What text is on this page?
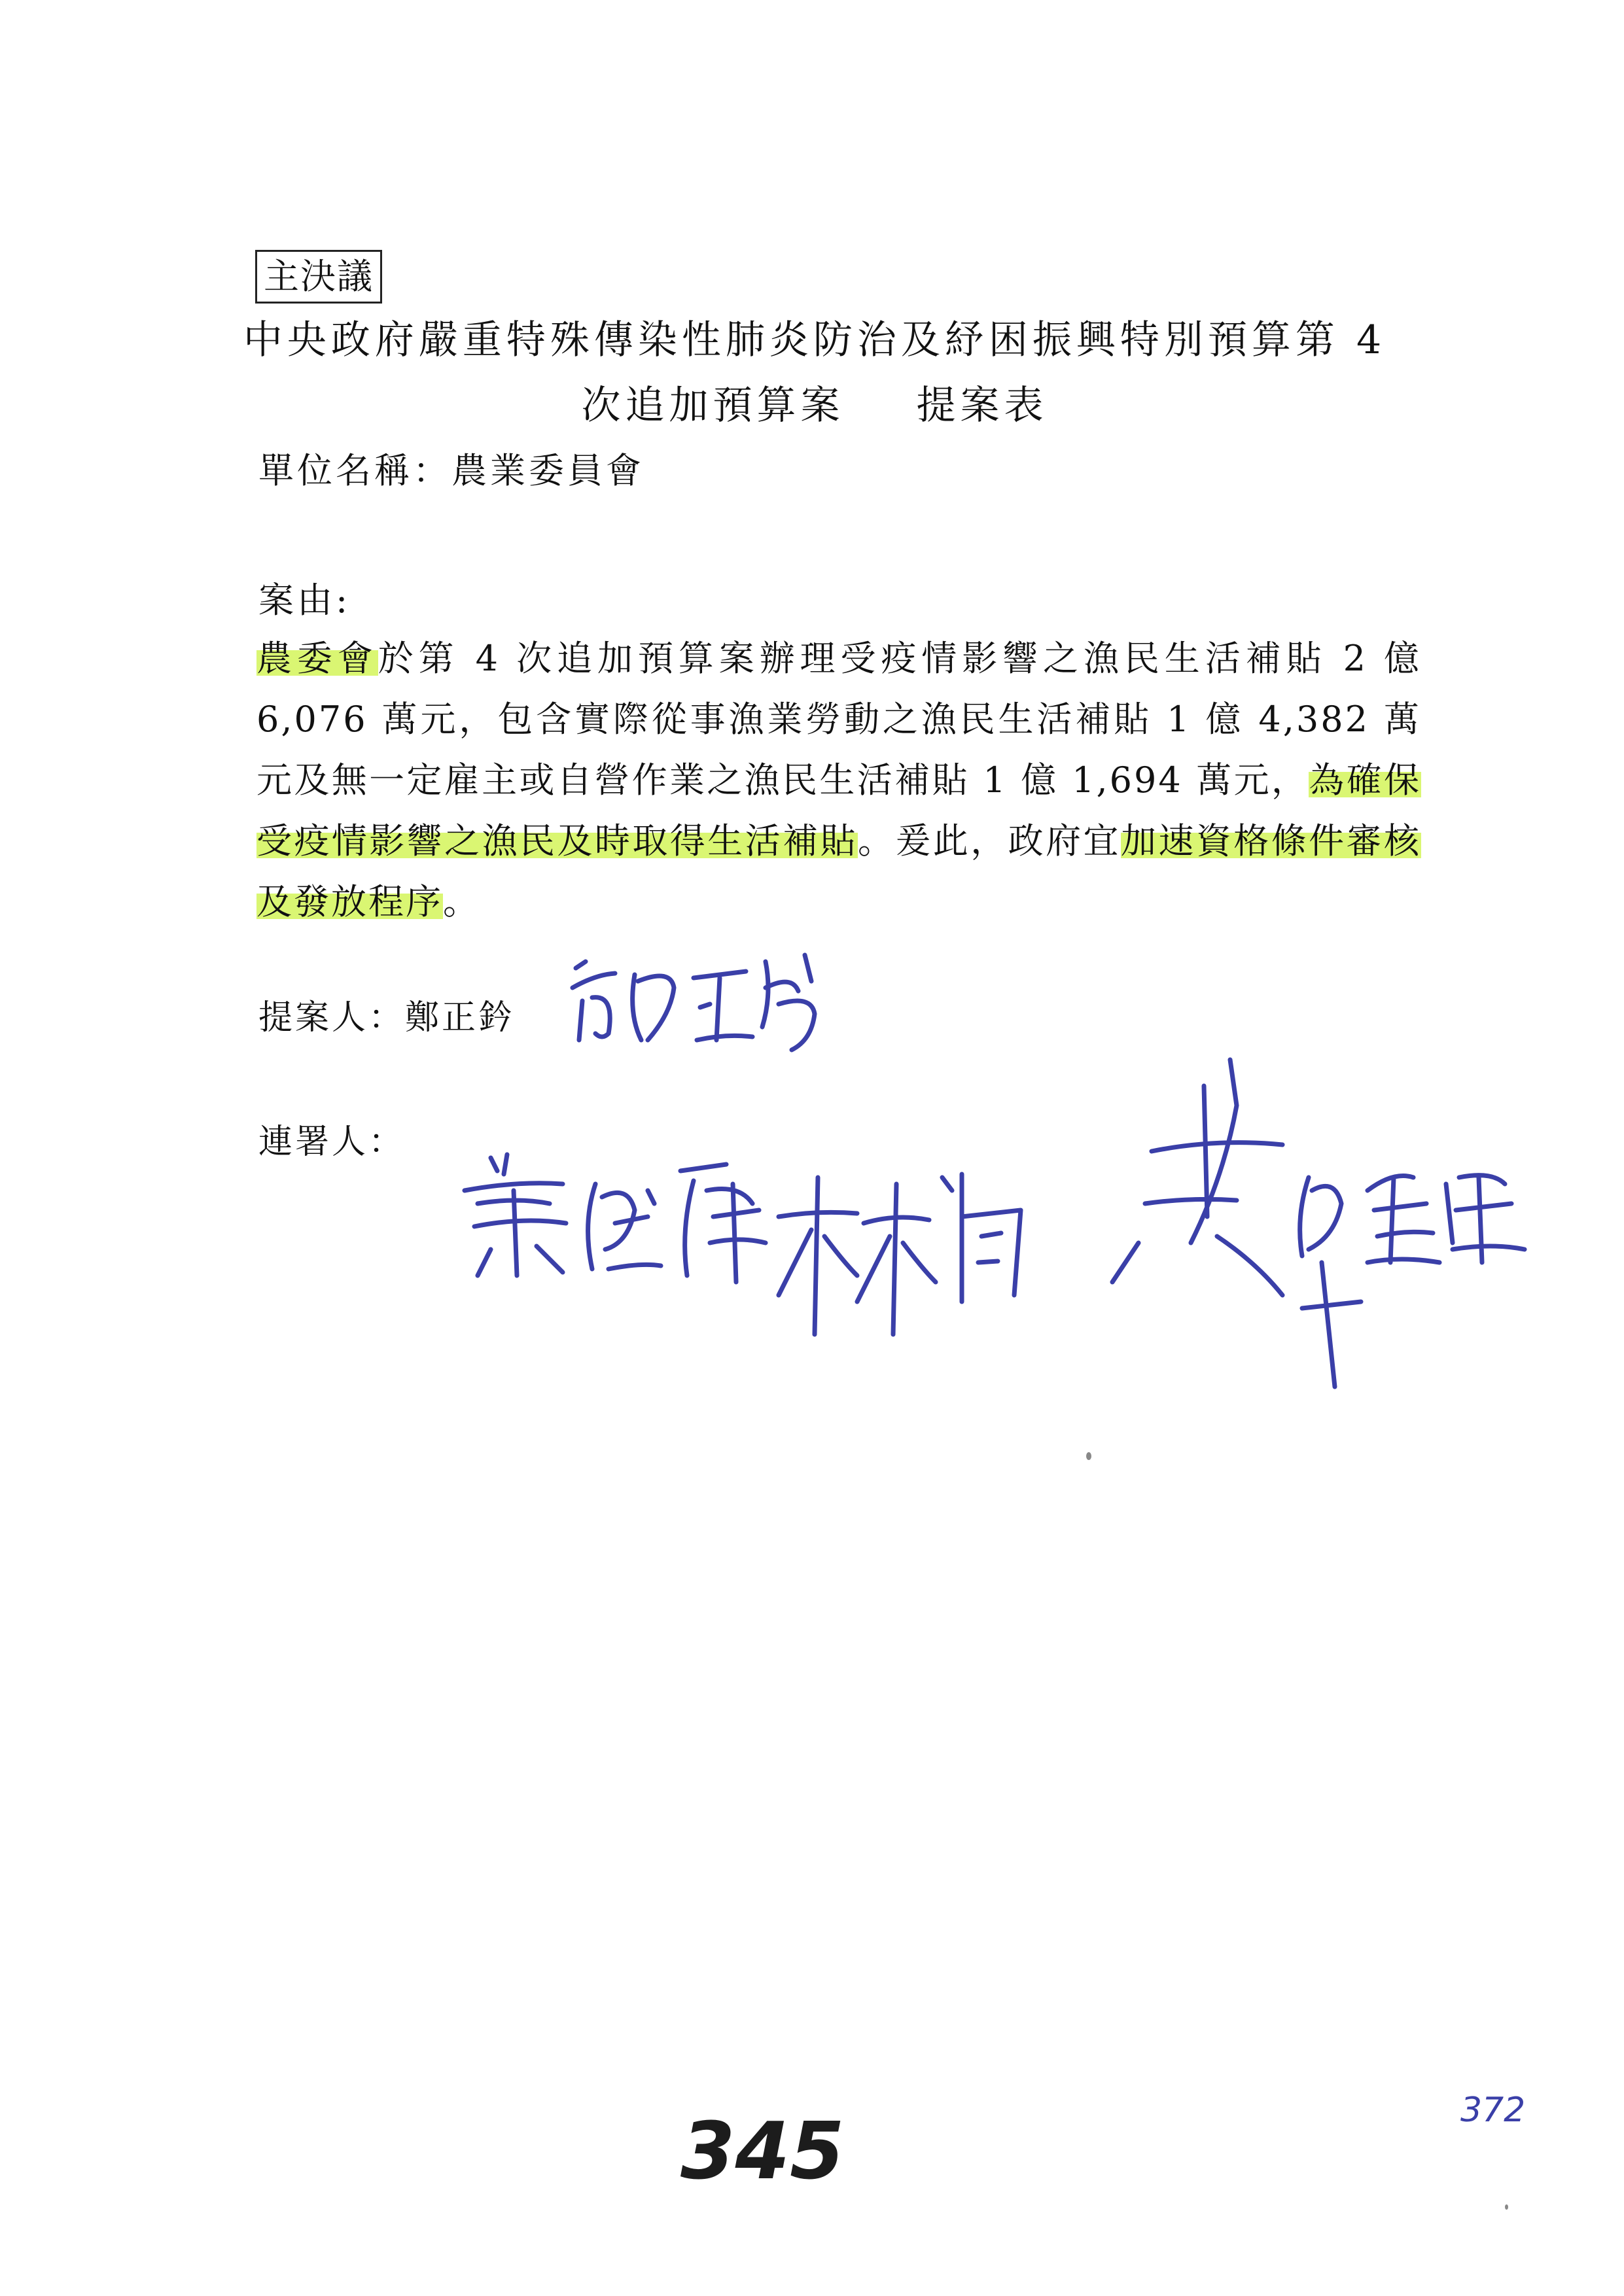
主決議
中央政府嚴重特殊傳染性肺炎防治及紓困振興特別預算第 4
次追加預算案 提案表
單位名稱：農業委員會
案由:
農委會於第 4 次追加預算案辦理受疫情影響之漁民生活補貼 2 億 6,076 萬元，包含實際從事漁業勞動之漁民生活補貼 1 億 4,382 萬元及無一定雇主或自營作業之漁民生活補貼 1 億 1,694 萬元，為確保受疫情影響之漁民及時取得生活補貼。爰此，政府宜加速資格條件審核及發放程序。
提案人：鄭正鈐
連署人：
345	372
